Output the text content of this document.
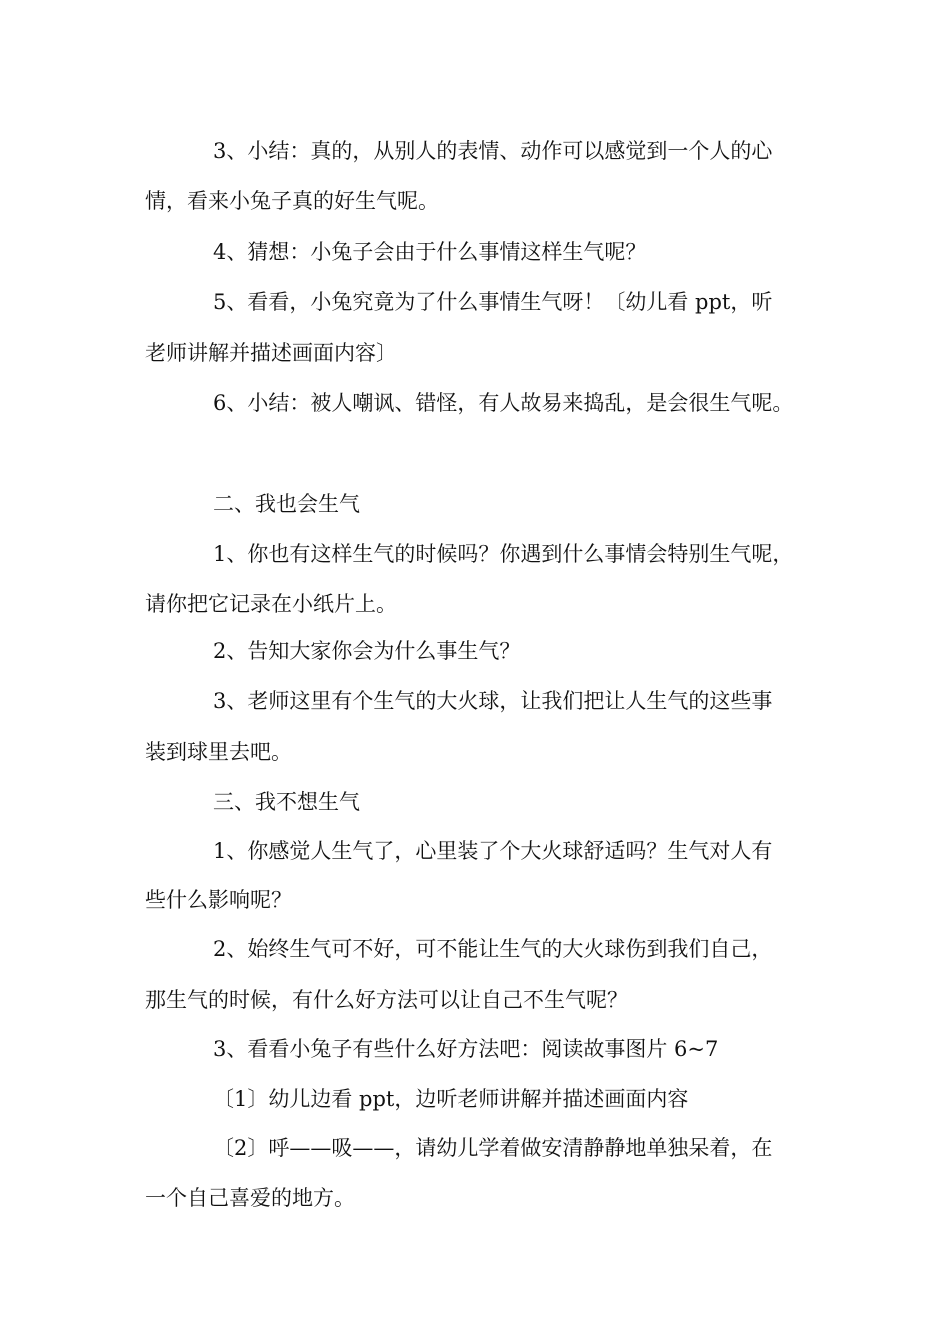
3、小结：真的，从别人的表情、动作可以感觉到一个人的心
情，看来小兔子真的好生气呢。
4、猜想：小兔子会由于什么事情这样生气呢？
5、看看，小兔究竟为了什么事情生气呀！〔幼儿看 ppt，听
老师讲解并描述画面内容〕
6、小结：被人嘲讽、错怪，有人故易来捣乱，是会很生气呢。
二、我也会生气
1、你也有这样生气的时候吗？你遇到什么事情会特别生气呢，
请你把它记录在小纸片上。
2、告知大家你会为什么事生气？
3、老师这里有个生气的大火球，让我们把让人生气的这些事
装到球里去吧。
三、我不想生气
1、你感觉人生气了，心里装了个大火球舒适吗？生气对人有
些什么影响呢？
2、始终生气可不好，可不能让生气的大火球伤到我们自己，
那生气的时候，有什么好方法可以让自己不生气呢？
3、看看小兔子有些什么好方法吧：阅读故事图片 6~7
〔1〕幼儿边看 ppt，边听老师讲解并描述画面内容
〔2〕呼——吸——，请幼儿学着做安清静静地单独呆着，在
一个自己喜爱的地方。
